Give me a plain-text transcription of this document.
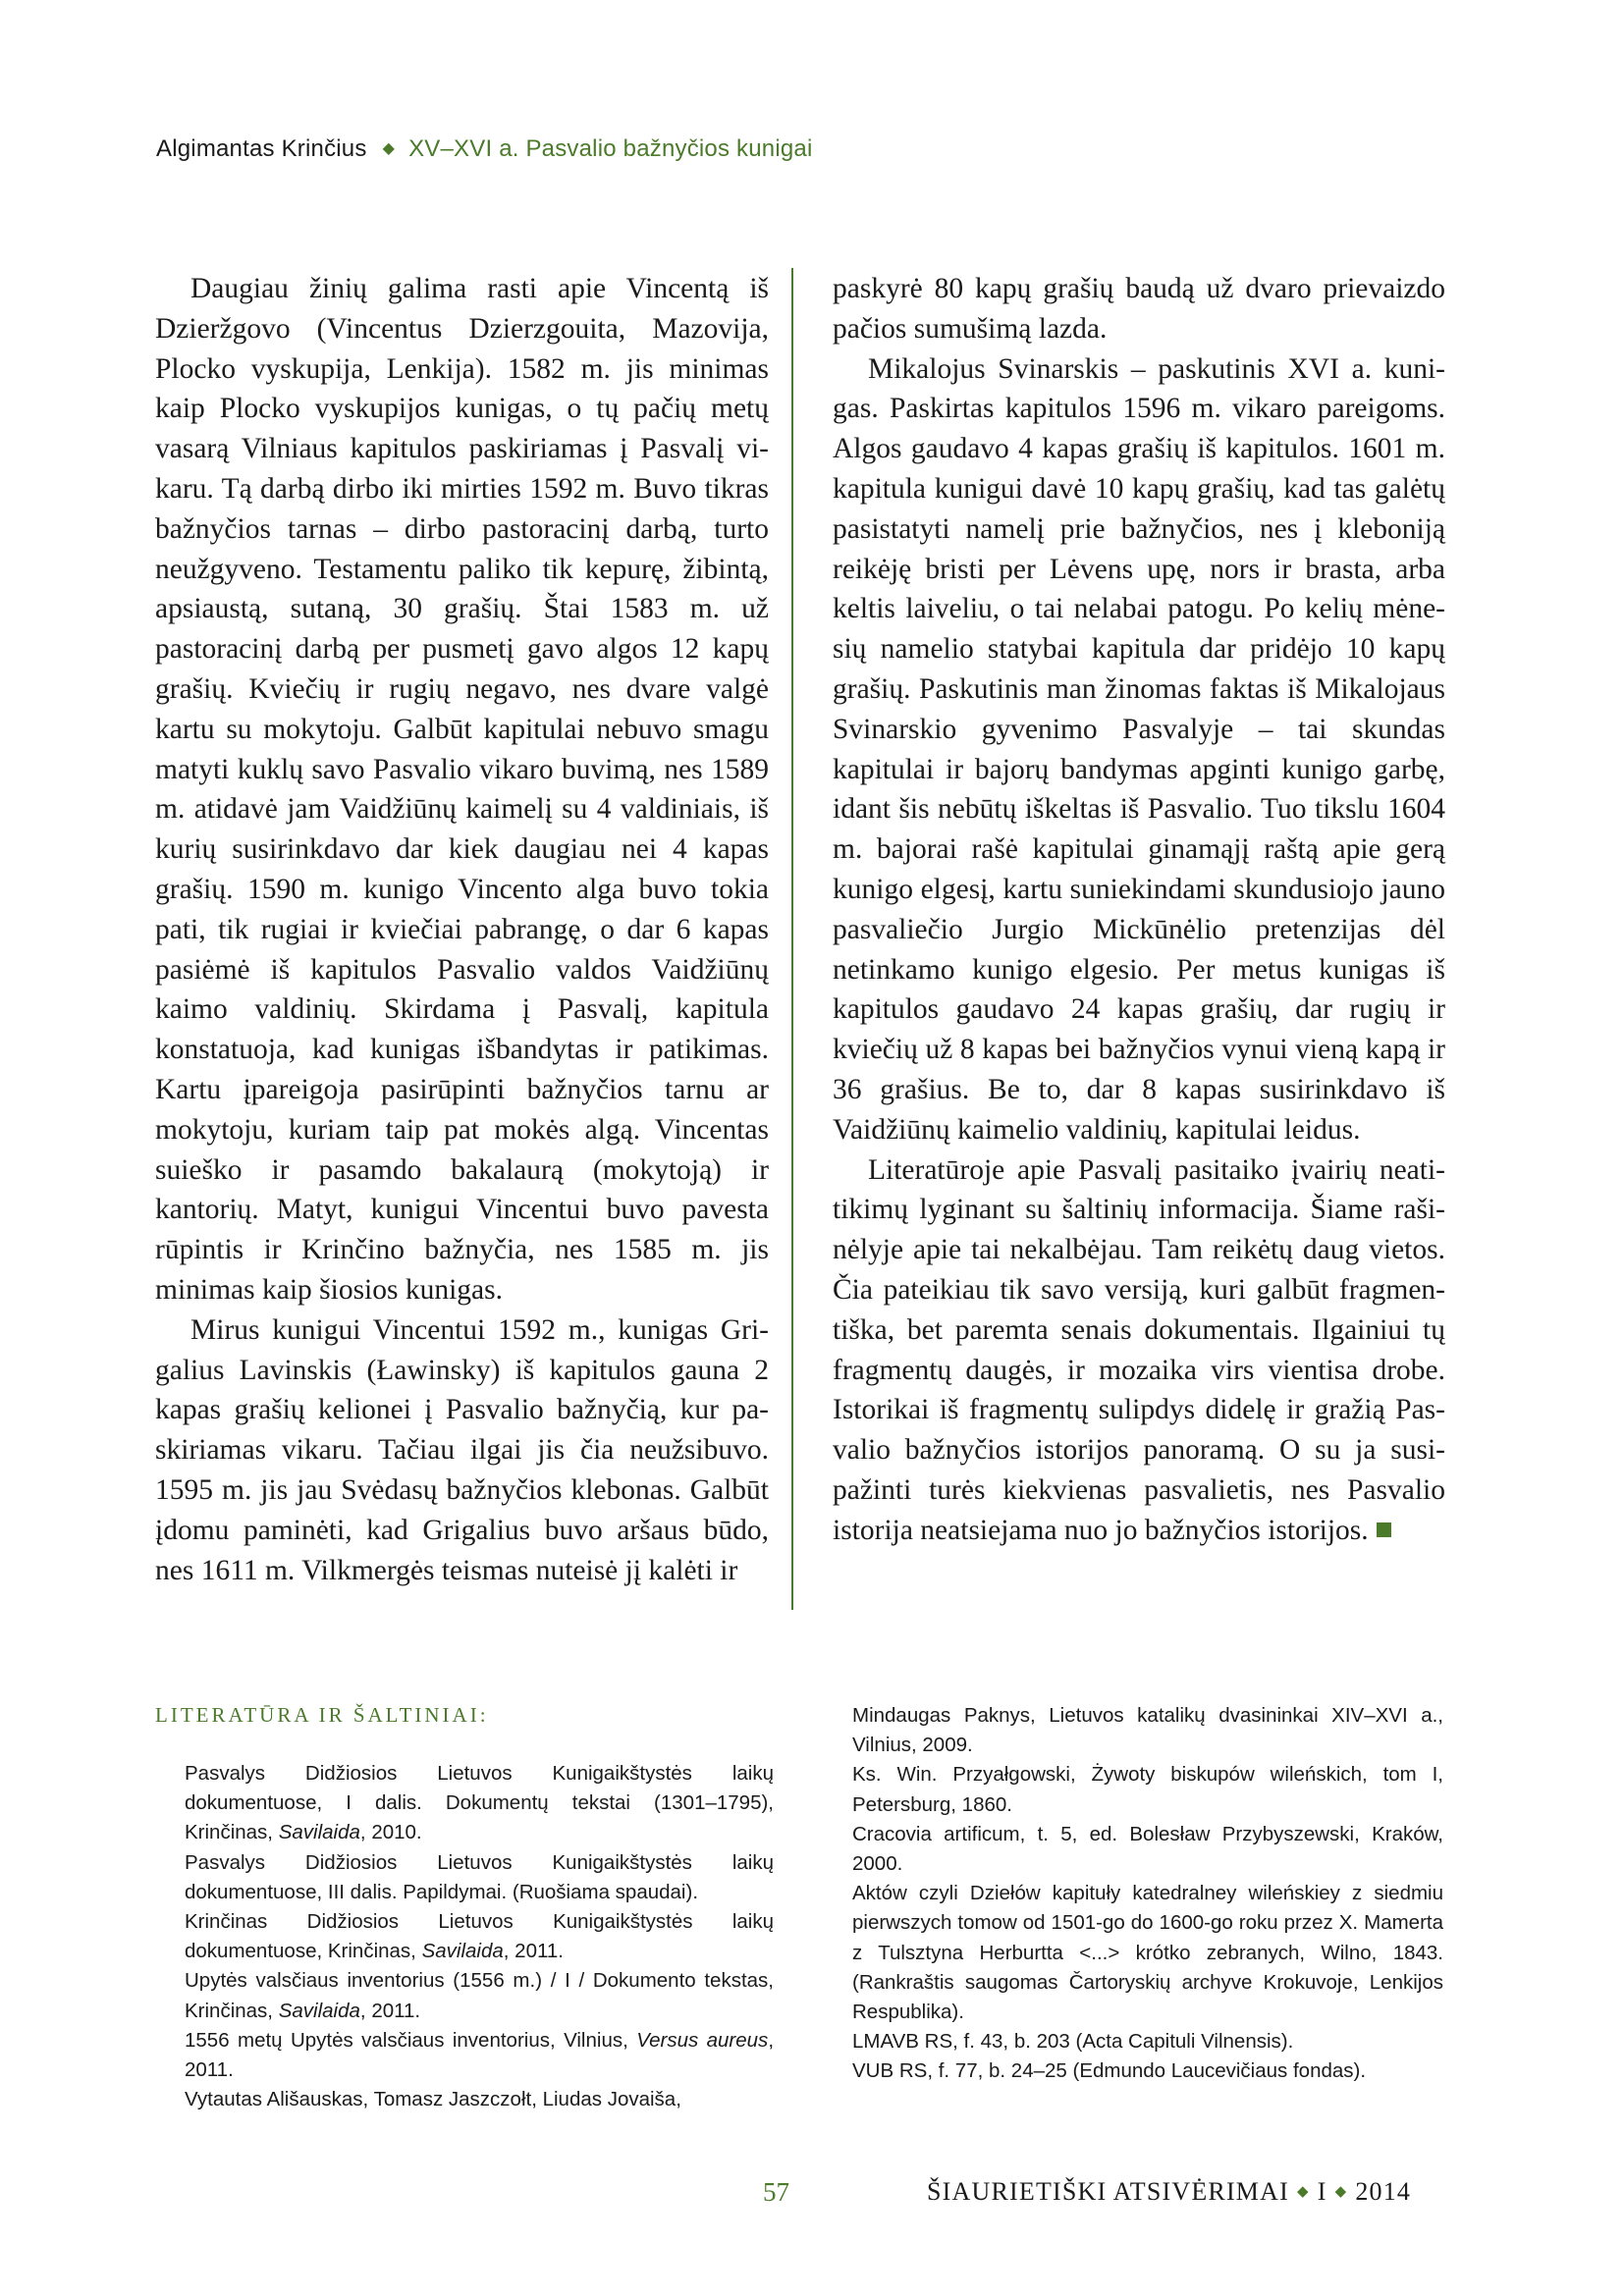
Algimantas Krinčius ◆ XV–XVI a. Pasvalio bažnyčios kunigai

Daugiau žinių galima rasti apie Vincentą iš Dzieržgovo (Vincentus Dzierzgouita, Mazovija, Plocko vyskupija, Lenkija). 1582 m. jis minimas kaip Plocko vyskupijos kunigas, o tų pačių metų vasarą Vilniaus kapitulos paskiriamas į Pasvalį vikaru. Tą darbą dirbo iki mirties 1592 m. Buvo tikras bažnyčios tarnas – dirbo pastoracinį darbą, turto neužgyveno. Testamentu paliko tik kepurę, žibintą, apsiaustą, sutaną, 30 grašių. Štai 1583 m. už pastoracinį darbą per pusmetį gavo algos 12 kapų grašių. Kviečių ir rugių negavo, nes dvare valgė kartu su mokytoju. Galbūt kapitulai nebuvo smagu matyti kuklų savo Pasvalio vikaro buvimą, nes 1589 m. atidavė jam Vaidžiūnų kaimelį su 4 valdiniais, iš kurių susirinkdavo dar kiek daugiau nei 4 kapas grašių. 1590 m. kunigo Vincento alga buvo tokia pati, tik rugiai ir kviečiai pabrangę, o dar 6 kapas pasiėmė iš kapitulos Pasvalio valdos Vaidžiūnų kaimo valdinių. Skirdama į Pasvalį, kapitula konstatuoja, kad kunigas išbandytas ir patikimas. Kartu įpareigoja pasirūpinti bažnyčios tarnu ar mokytoju, kuriam taip pat mokės algą. Vincentas suieško ir pasamdo bakalaurą (mokytoją) ir kantorių. Matyt, kunigui Vincentui buvo pavesta rūpintis ir Krinčino bažnyčia, nes 1585 m. jis minimas kaip šiosios kunigas.

Mirus kunigui Vincentui 1592 m., kunigas Grigalius Lavinskis (Ławinsky) iš kapitulos gauna 2 kapas grašių kelionei į Pasvalio bažnyčią, kur paskiriamas vikaru. Tačiau ilgai jis čia neužsibuvo. 1595 m. jis jau Svėdasų bažnyčios klebonas. Galbūt įdomu paminėti, kad Grigalius buvo aršaus būdo, nes 1611 m. Vilkmergės teismas nuteisė jį kalėti ir

paskyrė 80 kapų grašių baudą už dvaro prievaizdo pačios sumušimą lazda.

Mikalojus Svinarskis – paskutinis XVI a. kunigas. Paskirtas kapitulos 1596 m. vikaro pareigoms. Algos gaudavo 4 kapas grašių iš kapitulos. 1601 m. kapitula kunigui davė 10 kapų grašių, kad tas galėtų pasistatyti namelį prie bažnyčios, nes į kleboniją reikėję bristi per Lėvens upę, nors ir brasta, arba keltis laiveliu, o tai nelabai patogu. Po kelių mėnesių namelio statybai kapitula dar pridėjo 10 kapų grašių. Paskutinis man žinomas faktas iš Mikalojaus Svinarskio gyvenimo Pasvalyje – tai skundas kapitulai ir bajorų bandymas apginti kunigo garbę, idant šis nebūtų iškeltas iš Pasvalio. Tuo tikslu 1604 m. bajorai rašė kapitulai ginamąjį raštą apie gerą kunigo elgesį, kartu suniekindami skundusiojo jauno pasvaliečio Jurgio Mickūnėlio pretenzijas dėl netinkamo kunigo elgesio. Per metus kunigas iš kapitulos gaudavo 24 kapas grašių, dar rugių ir kviečių už 8 kapas bei bažnyčios vynui vieną kapą ir 36 grašius. Be to, dar 8 kapas susirinkdavo iš Vaidžiūnų kaimelio valdinių, kapitulai leidus.

Literatūroje apie Pasvalį pasitaiko įvairių neatitikimų lyginant su šaltinių informacija. Šiame rašinėlyje apie tai nekalbėjau. Tam reikėtų daug vietos. Čia pateikiau tik savo versiją, kuri galbūt fragmentiška, bet paremta senais dokumentais. Ilgainiui tų fragmentų daugės, ir mozaika virs vientisa drobe. Istorikai iš fragmentų sulipdys didelę ir gražią Pasvalio bažnyčios istorijos panoramą. O su ja susipažinti turės kiekvienas pasvalietis, nes Pasvalio istorija neatsiejama nuo jo bažnyčios istorijos.

LITERATŪRA IR ŠALTINIAI:

Pasvalys Didžiosios Lietuvos Kunigaikštystės laikų dokumentuose, I dalis. Dokumentų tekstai (1301–1795), Krinčinas, Savilaida, 2010.

Pasvalys Didžiosios Lietuvos Kunigaikštystės laikų dokumentuose, III dalis. Papildymai. (Ruošiama spaudai).

Krinčinas Didžiosios Lietuvos Kunigaikštystės laikų dokumentuose, Krinčinas, Savilaida, 2011.

Upytės valsčiaus inventorius (1556 m.) / I / Dokumento tekstas, Krinčinas, Savilaida, 2011.

1556 metų Upytės valsčiaus inventorius, Vilnius, Versus aureus, 2011.

Vytautas Ališauskas, Tomasz Jaszczołt, Liudas Jovaiša,

Mindaugas Paknys, Lietuvos katalikų dvasininkai XIV–XVI a., Vilnius, 2009.

Ks. Win. Przyałgowski, Żywoty biskupów wileńskich, tom I, Petersburg, 1860.

Cracovia artificum, t. 5, ed. Bolesław Przybyszewski, Kraków, 2000.

Aktów czyli Dziełów kapituły katedralney wileńskiey z siedmiu pierwszych tomow od 1501-go do 1600-go roku przez X. Mamerta z Tulsztyna Herburtta <...> krótko zebranych, Wilno, 1843. (Rankraštis saugomas Čartoryskių archyve Krokuvoje, Lenkijos Respublika).

LMAVB RS, f. 43, b. 203 (Acta Capituli Vilnensis).

VUB RS, f. 77, b. 24–25 (Edmundo Laucevičiaus fondas).

57	ŠIAURIETIŠKI ATSIVĖRIMAI ◆ I ◆ 2014
